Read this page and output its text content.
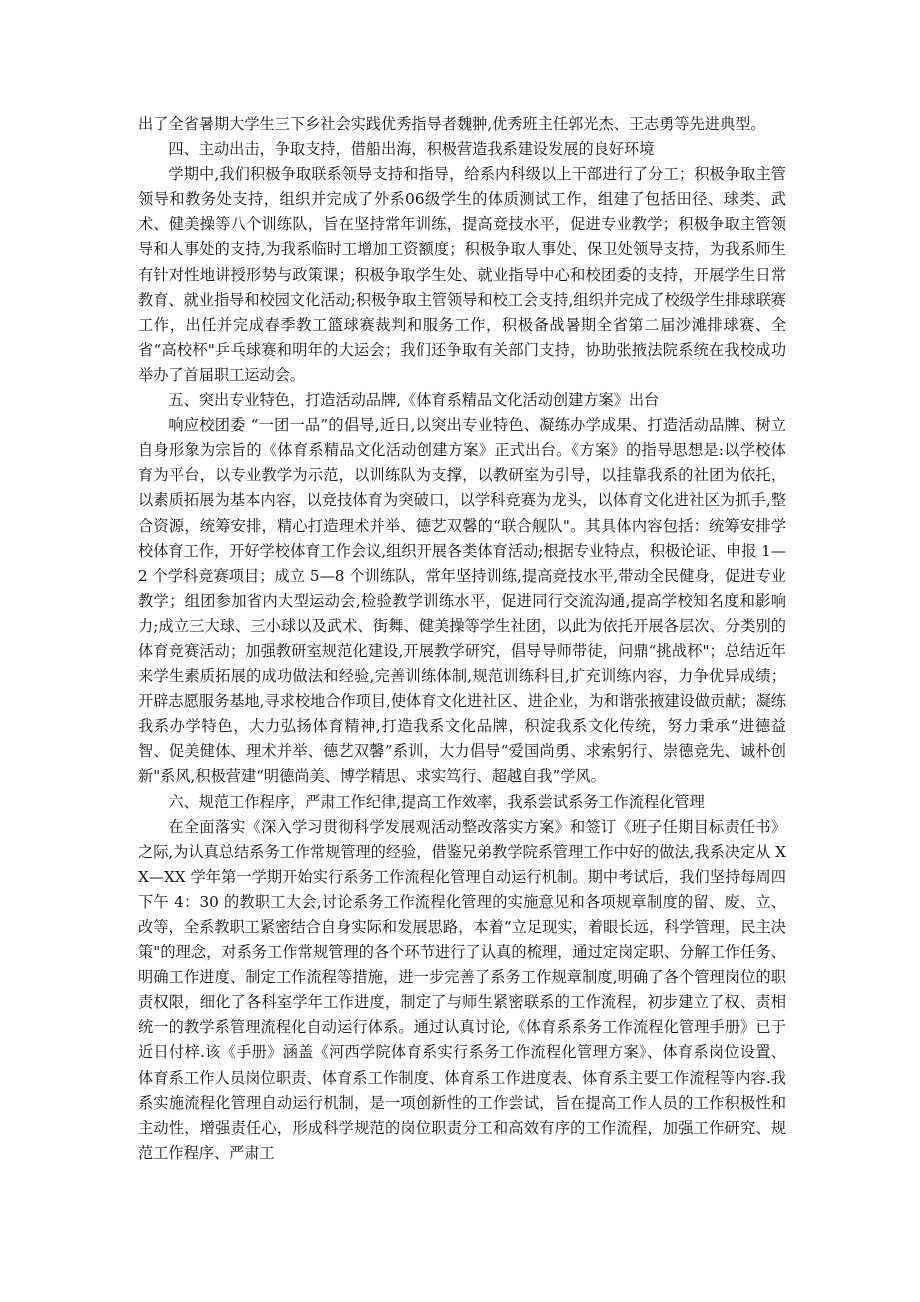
出了全省暑期大学生三下乡社会实践优秀指导者魏翀,优秀班主任郭光杰、王志勇等先进典型。

四、主动出击，争取支持，借船出海，积极营造我系建设发展的良好环境

学期中,我们积极争取联系领导支持和指导，给系内科级以上干部进行了分工；积极争取主管领导和教务处支持，组织并完成了外系06级学生的体质测试工作，组建了包括田径、球类、武术、健美操等八个训练队，旨在坚持常年训练，提高竞技水平，促进专业教学；积极争取主管领导和人事处的支持,为我系临时工增加工资额度；积极争取人事处、保卫处领导支持，为我系师生有针对性地讲授形势与政策课；积极争取学生处、就业指导中心和校团委的支持，开展学生日常教育、就业指导和校园文化活动;积极争取主管领导和校工会支持,组织并完成了校级学生排球联赛工作，出任并完成春季教工篮球赛裁判和服务工作，积极备战暑期全省第二届沙滩排球赛、全省“高校杯"乒乓球赛和明年的大运会；我们还争取有关部门支持，协助张掖法院系统在我校成功举办了首届职工运动会。

五、突出专业特色，打造活动品牌,《体育系精品文化活动创建方案》出台

响应校团委 “一团一品”的倡导,近日,以突出专业特色、凝练办学成果、打造活动品牌、树立自身形象为宗旨的《体育系精品文化活动创建方案》正式出台。《方案》的指导思想是:以学校体育为平台，以专业教学为示范，以训练队为支撑，以教研室为引导，以挂靠我系的社团为依托，以素质拓展为基本内容，以竞技体育为突破口，以学科竞赛为龙头，以体育文化进社区为抓手,整合资源，统筹安排，精心打造理术并举、德艺双馨的“联合舰队"。其具体内容包括：统筹安排学校体育工作，开好学校体育工作会议,组织开展各类体育活动;根据专业特点，积极论证、申报 1—2 个学科竞赛项目；成立 5—8 个训练队，常年坚持训练,提高竞技水平,带动全民健身，促进专业教学；组团参加省内大型运动会,检验教学训练水平，促进同行交流沟通,提高学校知名度和影响力;成立三大球、三小球以及武术、街舞、健美操等学生社团，以此为依托开展各层次、分类别的体育竞赛活动；加强教研室规范化建设,开展教学研究，倡导导师带徒，问鼎“挑战杯"；总结近年来学生素质拓展的成功做法和经验,完善训练体制,规范训练科目,扩充训练内容，力争优异成绩；开辟志愿服务基地,寻求校地合作项目,使体育文化进社区、进企业，为和谐张掖建设做贡献；凝练我系办学特色，大力弘扬体育精神,打造我系文化品牌，积淀我系文化传统，努力秉承“进德益智、促美健体、理术并举、德艺双馨”系训，大力倡导“爱国尚勇、求索躬行、崇德竞先、诚朴创新"系风,积极营建“明德尚美、博学精思、求实笃行、超越自我”学风。

六、规范工作程序，严肃工作纪律,提高工作效率，我系尝试系务工作流程化管理

在全面落实《深入学习贯彻科学发展观活动整改落实方案》和签订《班子任期目标责任书》之际,为认真总结系务工作常规管理的经验，借鉴兄弟教学院系管理工作中好的做法,我系决定从 XX—XX 学年第一学期开始实行系务工作流程化管理自动运行机制。期中考试后，我们坚持每周四下午 4：30 的教职工大会,讨论系务工作流程化管理的实施意见和各项规章制度的留、废、立、改等，全系教职工紧密结合自身实际和发展思路，本着“立足现实，着眼长远，科学管理，民主决策"的理念，对系务工作常规管理的各个环节进行了认真的梳理，通过定岗定职、分解工作任务、明确工作进度、制定工作流程等措施，进一步完善了系务工作规章制度,明确了各个管理岗位的职责权限，细化了各科室学年工作进度，制定了与师生紧密联系的工作流程，初步建立了权、责相统一的教学系管理流程化自动运行体系。通过认真讨论,《体育系系务工作流程化管理手册》已于近日付梓.该《手册》涵盖《河西学院体育系实行系务工作流程化管理方案》、体育系岗位设置、体育系工作人员岗位职责、体育系工作制度、体育系工作进度表、体育系主要工作流程等内容.我系实施流程化管理自动运行机制，是一项创新性的工作尝试，旨在提高工作人员的工作积极性和主动性，增强责任心，形成科学规范的岗位职责分工和高效有序的工作流程，加强工作研究、规范工作程序、严肃工
